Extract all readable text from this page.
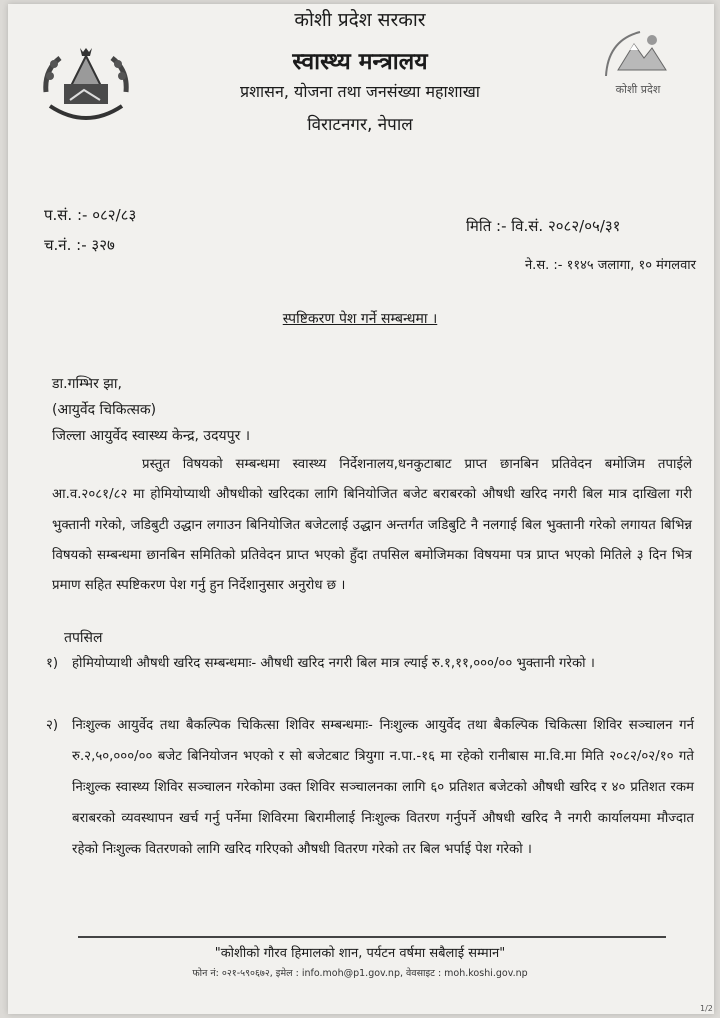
कोशी प्रदेश
कोशी प्रदेश सरकार
स्वास्थ्य मन्त्रालय
प्रशासन, योजना तथा जनसंख्या महाशाखा
विराटनगर, नेपाल
प.सं. :- ०८२/८३
च.नं. :- ३२७
मिति :- वि.सं. २०८२/०५/३१
ने.स. :- ११४५ जलागा, १० मंगलवार
स्पष्टिकरण पेश गर्ने सम्बन्धमा ।
डा.गम्भिर झा,
(आयुर्वेद चिकित्सक)
जिल्ला आयुर्वेद स्वास्थ्य केन्द्र, उदयपुर ।
प्रस्तुत विषयको सम्बन्धमा स्वास्थ्य निर्देशनालय,धनकुटाबाट प्राप्त छानबिन प्रतिवेदन बमोजिम तपाईले आ.व.२०८१/८२ मा होमियोप्याथी औषधीको खरिदका लागि बिनियोजित बजेट बराबरको औषधी खरिद नगरी बिल मात्र दाखिला गरी भुक्तानी गरेको, जडिबुटी उद्धान लगाउन बिनियोजित बजेटलाई उद्धान अन्तर्गत जडिबुटि नै नलगाई बिल भुक्तानी गरेको लगायत बिभिन्न विषयको सम्बन्धमा छानबिन समितिको प्रतिवेदन प्राप्त भएको हुँदा तपसिल बमोजिमका विषयमा पत्र प्राप्त भएको मितिले ३ दिन भित्र प्रमाण सहित स्पष्टिकरण पेश गर्नु हुन निर्देशानुसार अनुरोध छ ।
तपसिल
१)	होमियोप्याथी औषधी खरिद सम्बन्धमाः- औषधी खरिद नगरी बिल मात्र ल्याई रु.१,११,०००/०० भुक्तानी गरेको ।
२)	निःशुल्क आयुर्वेद तथा बैकल्पिक चिकित्सा शिविर सम्बन्धमाः- निःशुल्क आयुर्वेद तथा बैकल्पिक चिकित्सा शिविर सञ्चालन गर्न रु.२,५०,०००/०० बजेट बिनियोजन भएको र सो बजेटबाट त्रियुगा न.पा.-१६ मा रहेको रानीबास मा.वि.मा मिति २०८२/०२/१० गते निःशुल्क स्वास्थ्य शिविर सञ्चालन गरेकोमा उक्त शिविर सञ्चालनका लागि ६० प्रतिशत बजेटको औषधी खरिद र ४० प्रतिशत रकम बराबरको व्यवस्थापन खर्च गर्नु पर्नेमा शिविरमा बिरामीलाई निःशुल्क वितरण गर्नुपर्ने औषधी खरिद नै नगरी कार्यालयमा मौज्दात रहेको निःशुल्क वितरणको लागि खरिद गरिएको औषधी वितरण गरेको तर बिल भर्पाई पेश गरेको ।
"कोशीको गौरव हिमालको शान, पर्यटन वर्षमा सबैलाई सम्मान"
फोन नं: ०२१-५९०६७२, इमेल : info.moh@p1.gov.np, वेवसाइट : moh.koshi.gov.np
1/2
